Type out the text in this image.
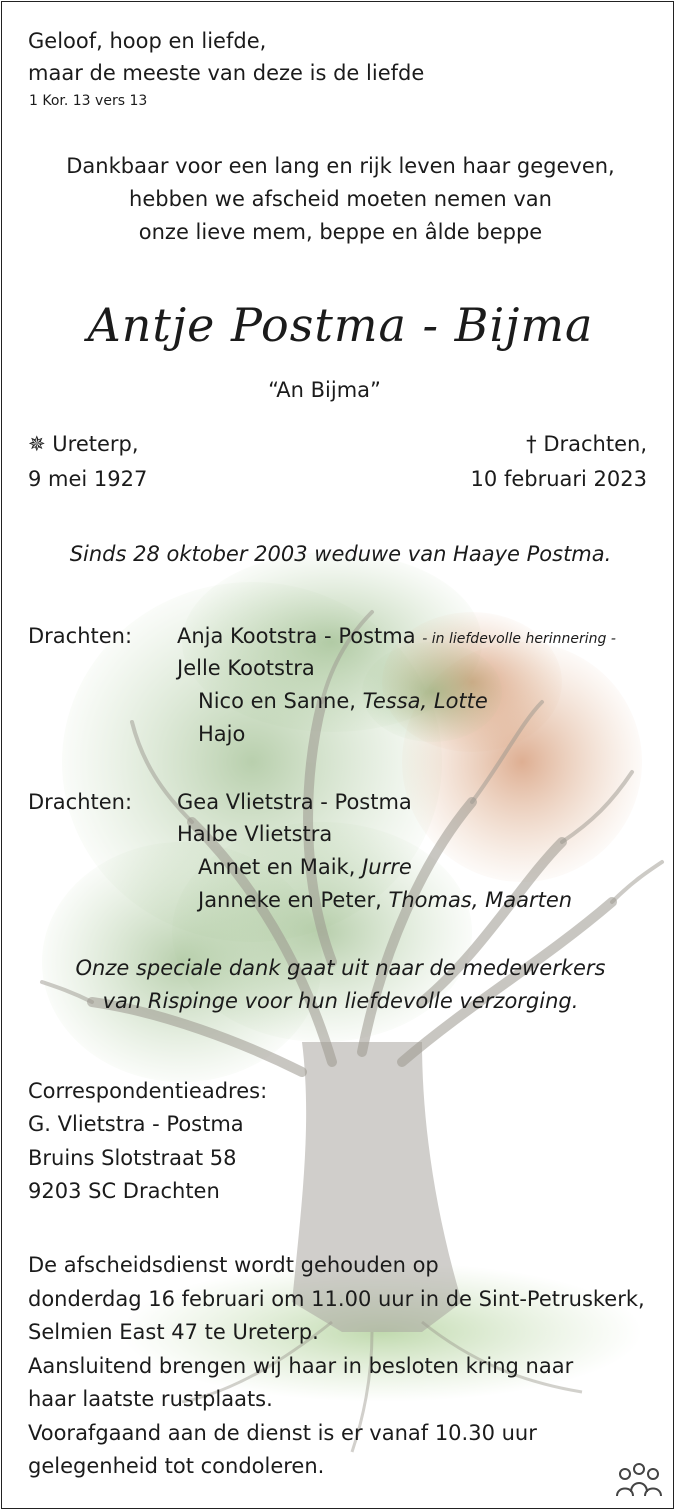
Geloof, hoop en liefde,
maar de meeste van deze is de liefde
1 Kor. 13 vers 13
Dankbaar voor een lang en rijk leven haar gegeven,
hebben we afscheid moeten nemen van
onze lieve mem, beppe en âlde beppe
Antje Postma - Bijma
“An Bijma”
✵ Ureterp,
9 mei 1927
† Drachten,
10 februari 2023
Sinds 28 oktober 2003 weduwe van Haaye Postma.
Drachten: Anja Kootstra - Postma - in liefdevolle herinnering -
Jelle Kootstra
Nico en Sanne, Tessa, Lotte
Hajo
Drachten: Gea Vlietstra - Postma
Halbe Vlietstra
Annet en Maik, Jurre
Janneke en Peter, Thomas, Maarten
Onze speciale dank gaat uit naar de medewerkers
van Rispinge voor hun liefdevolle verzorging.
Correspondentieadres:
G. Vlietstra - Postma
Bruins Slotstraat 58
9203 SC Drachten
De afscheidsdienst wordt gehouden op
donderdag 16 februari om 11.00 uur in de Sint-Petruskerk,
Selmien East 47 te Ureterp.
Aansluitend brengen wij haar in besloten kring naar
haar laatste rustplaats.
Voorafgaand aan de dienst is er vanaf 10.30 uur
gelegenheid tot condoleren.
